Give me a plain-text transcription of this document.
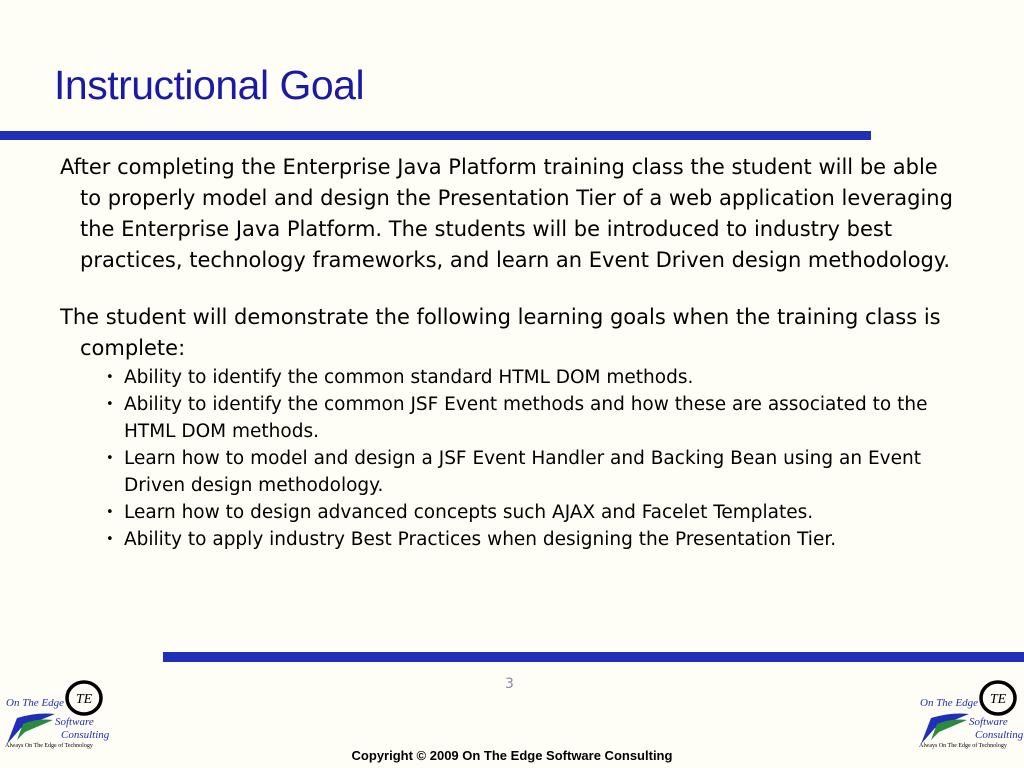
Instructional Goal

After completing the Enterprise Java Platform training class the student will be able to properly model and design the Presentation Tier of a web application leveraging the Enterprise Java Platform. The students will be introduced to industry best practices, technology frameworks, and learn an Event Driven design methodology.

The student will demonstrate the following learning goals when the training class is complete:

• Ability to identify the common standard HTML DOM methods.
• Ability to identify the common JSF Event methods and how these are associated to the HTML DOM methods.
• Learn how to model and design a JSF Event Handler and Backing Bean using an Event Driven design methodology.
• Learn how to design advanced concepts such AJAX and Facelet Templates.
• Ability to apply industry Best Practices when designing the Presentation Tier.
3
TE
On The Edge
Software
Consulting
Always On The Edge of Technology
TE
On The Edge
Software
Consulting
Always On The Edge of Technology
Copyright © 2009 On The Edge Software Consulting
